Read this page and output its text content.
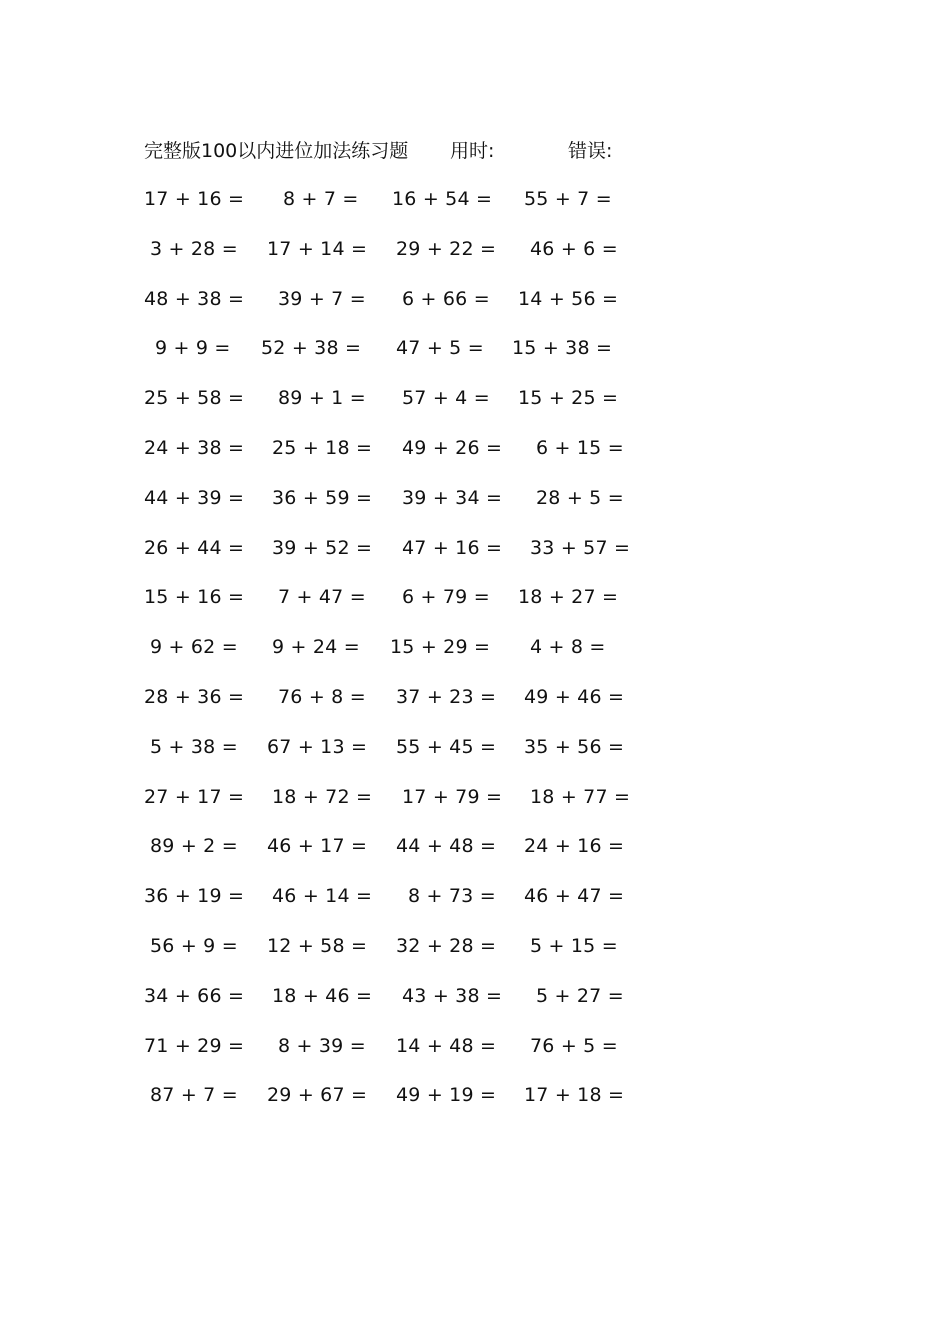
完整版100以内进位加法练习题 用时:	错误:
17 + 16 = 8 + 7 = 16 + 54 = 55 + 7 =
3 + 28 = 17 + 14 = 29 + 22 = 46 + 6 =
48 + 38 = 39 + 7 = 6 + 66 = 14 + 56 =
9 + 9 = 52 + 38 = 47 + 5 = 15 + 38 =
25 + 58 = 89 + 1 = 57 + 4 = 15 + 25 =
24 + 38 = 25 + 18 = 49 + 26 = 6 + 15 =
44 + 39 = 36 + 59 = 39 + 34 = 28 + 5 =
26 + 44 = 39 + 52 = 47 + 16 = 33 + 57 =
15 + 16 = 7 + 47 = 6 + 79 = 18 + 27 =
9 + 62 = 9 + 24 = 15 + 29 = 4 + 8 =
28 + 36 = 76 + 8 = 37 + 23 = 49 + 46 =
5 + 38 = 67 + 13 = 55 + 45 = 35 + 56 =
27 + 17 = 18 + 72 = 17 + 79 = 18 + 77 =
89 + 2 = 46 + 17 = 44 + 48 = 24 + 16 =
36 + 19 = 46 + 14 = 8 + 73 = 46 + 47 =
56 + 9 = 12 + 58 = 32 + 28 = 5 + 15 =
34 + 66 = 18 + 46 = 43 + 38 = 5 + 27 =
71 + 29 = 8 + 39 = 14 + 48 = 76 + 5 =
87 + 7 = 29 + 67 = 49 + 19 = 17 + 18 =
